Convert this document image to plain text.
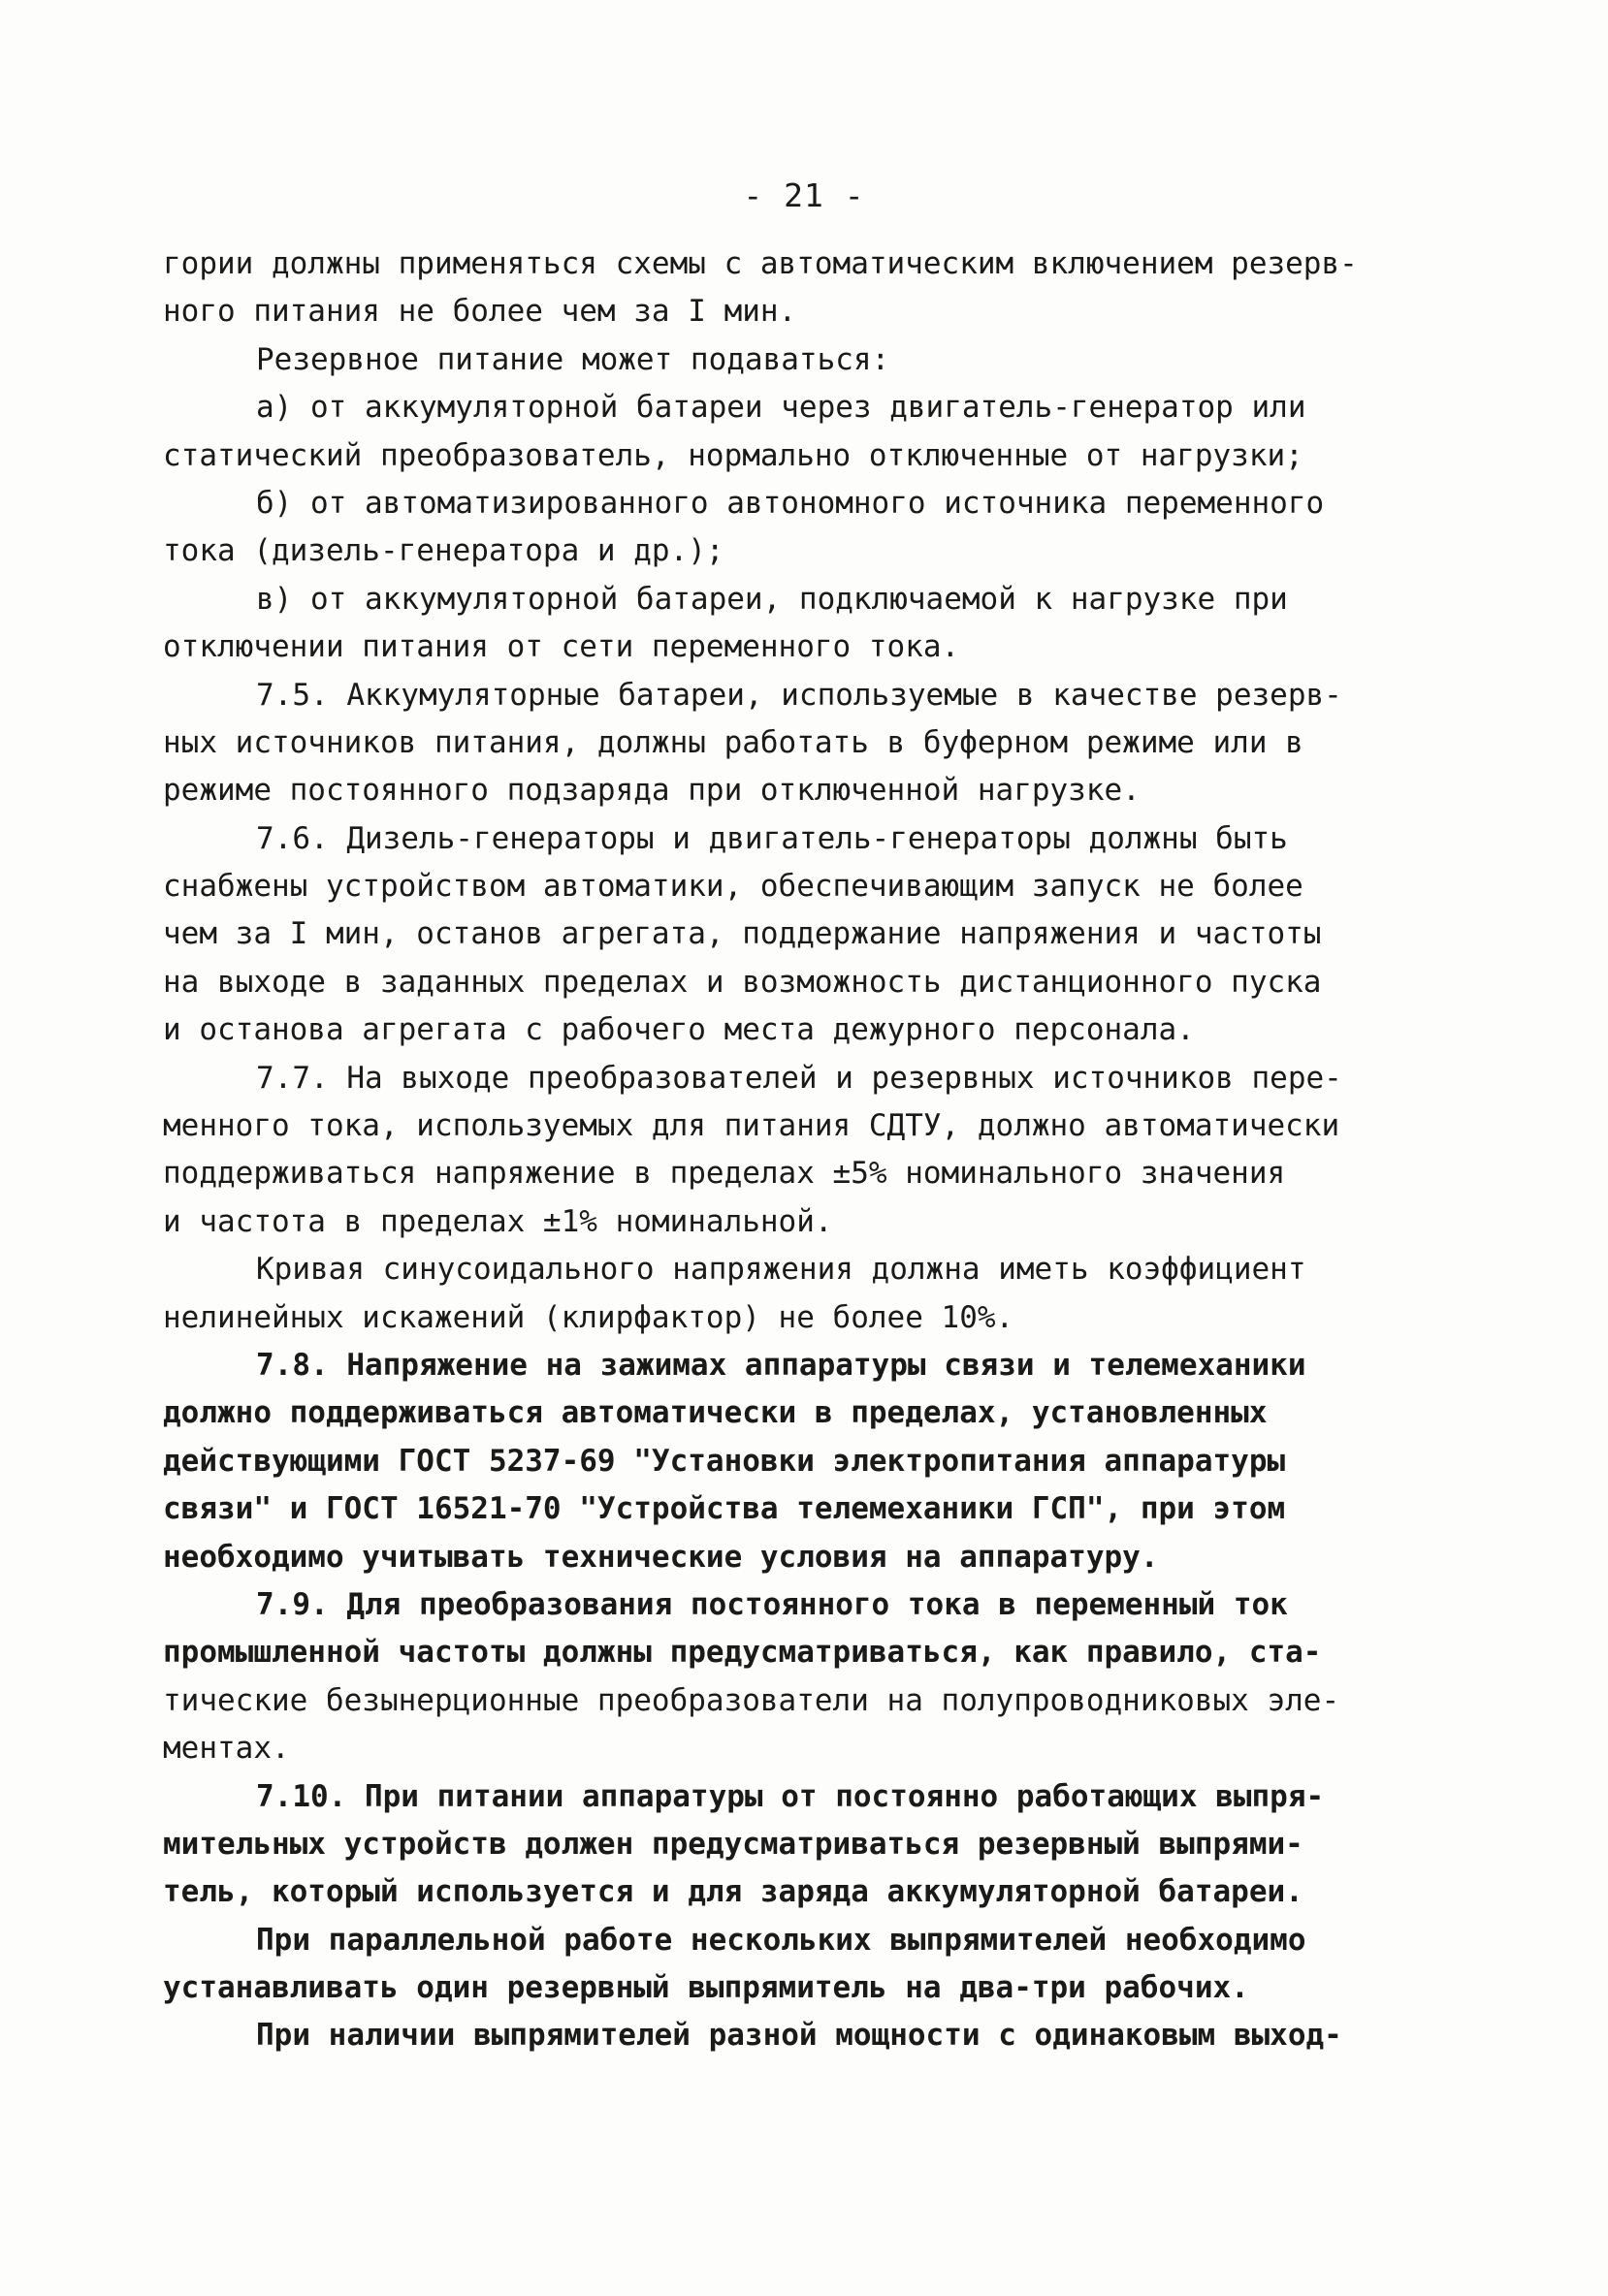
- 21 -
гории должны применяться схемы с автоматическим включением резерв-
ного питания не более чем за I мин.
Резервное питание может подаваться:
а) от аккумуляторной батареи через двигатель-генератор или
статический преобразователь, нормально отключенные от нагрузки;
б) от автоматизированного автономного источника переменного
тока (дизель-генератора и др.);
в) от аккумуляторной батареи, подключаемой к нагрузке при
отключении питания от сети переменного тока.
7.5. Аккумуляторные батареи, используемые в качестве резерв-
ных источников питания, должны работать в буферном режиме или в
режиме постоянного подзаряда при отключенной нагрузке.
7.6. Дизель-генераторы и двигатель-генераторы должны быть
снабжены устройством автоматики, обеспечивающим запуск не более
чем за I мин, останов агрегата, поддержание напряжения и частоты
на выходе в заданных пределах и возможность дистанционного пуска
и останова агрегата с рабочего места дежурного персонала.
7.7. На выходе преобразователей и резервных источников пере-
менного тока, используемых для питания СДТУ, должно автоматически
поддерживаться напряжение в пределах ±5% номинального значения
и частота в пределах ±1% номинальной.
Кривая синусоидального напряжения должна иметь коэффициент
нелинейных искажений (клирфактор) не более 10%.
7.8. Напряжение на зажимах аппаратуры связи и телемеханики
должно поддерживаться автоматически в пределах, установленных
действующими ГОСТ 5237-69 "Установки электропитания аппаратуры
связи" и ГОСТ 16521-70 "Устройства телемеханики ГСП", при этом
необходимо учитывать технические условия на аппаратуру.
7.9. Для преобразования постоянного тока в переменный ток
промышленной частоты должны предусматриваться, как правило, ста-
тические безынерционные преобразователи на полупроводниковых эле-
ментах.
7.10. При питании аппаратуры от постоянно работающих выпря-
мительных устройств должен предусматриваться резервный выпрями-
тель, который используется и для заряда аккумуляторной батареи.
При параллельной работе нескольких выпрямителей необходимо
устанавливать один резервный выпрямитель на два-три рабочих.
При наличии выпрямителей разной мощности с одинаковым выход-
